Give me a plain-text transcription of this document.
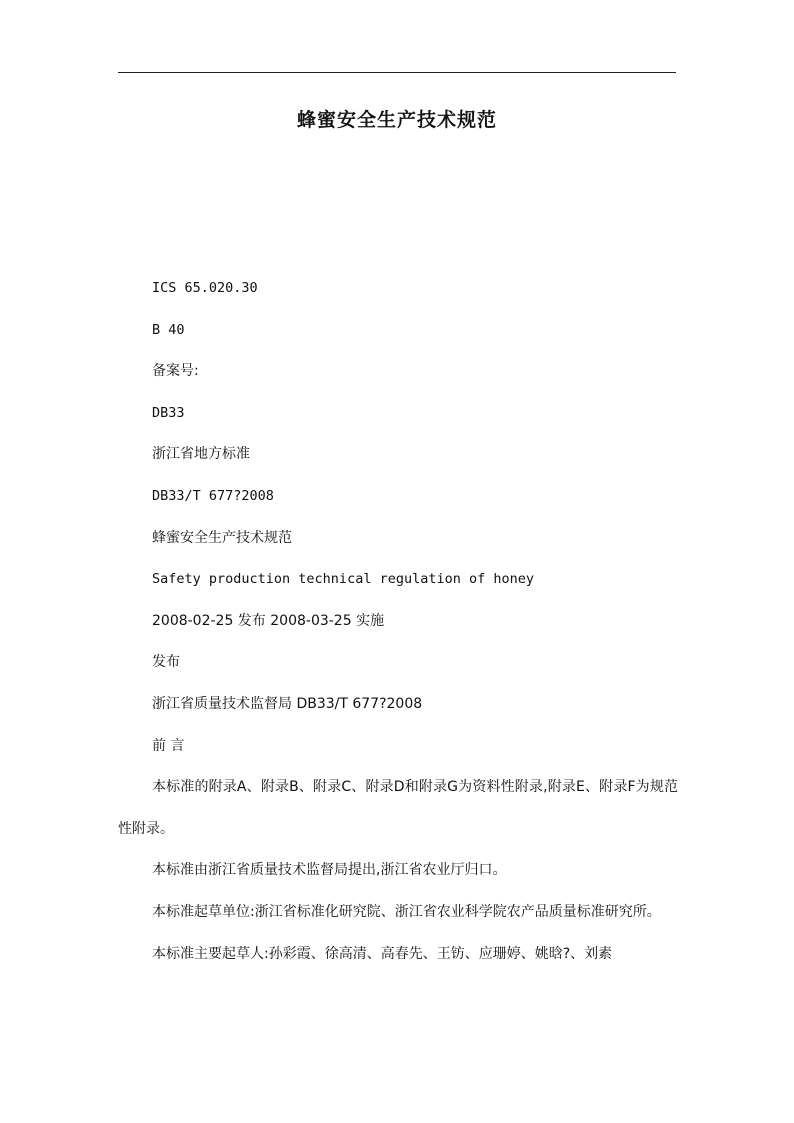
蜂蜜安全生产技术规范

ICS 65.020.30

B 40

备案号:

DB33

浙江省地方标准

DB33/T 677?2008

蜂蜜安全生产技术规范

Safety production technical regulation of honey

2008-02-25 发布 2008-03-25 实施

发布

浙江省质量技术监督局 DB33/T 677?2008

前 言

本标准的附录A、附录B、附录C、附录D和附录G为资料性附录,附录E、附录F为规范性附录。

本标准由浙江省质量技术监督局提出,浙江省农业厅归口。

本标准起草单位:浙江省标准化研究院、浙江省农业科学院农产品质量标准研究所。

本标准主要起草人:孙彩霞、徐高清、高春先、王钫、应珊婷、姚晗?、刘素
